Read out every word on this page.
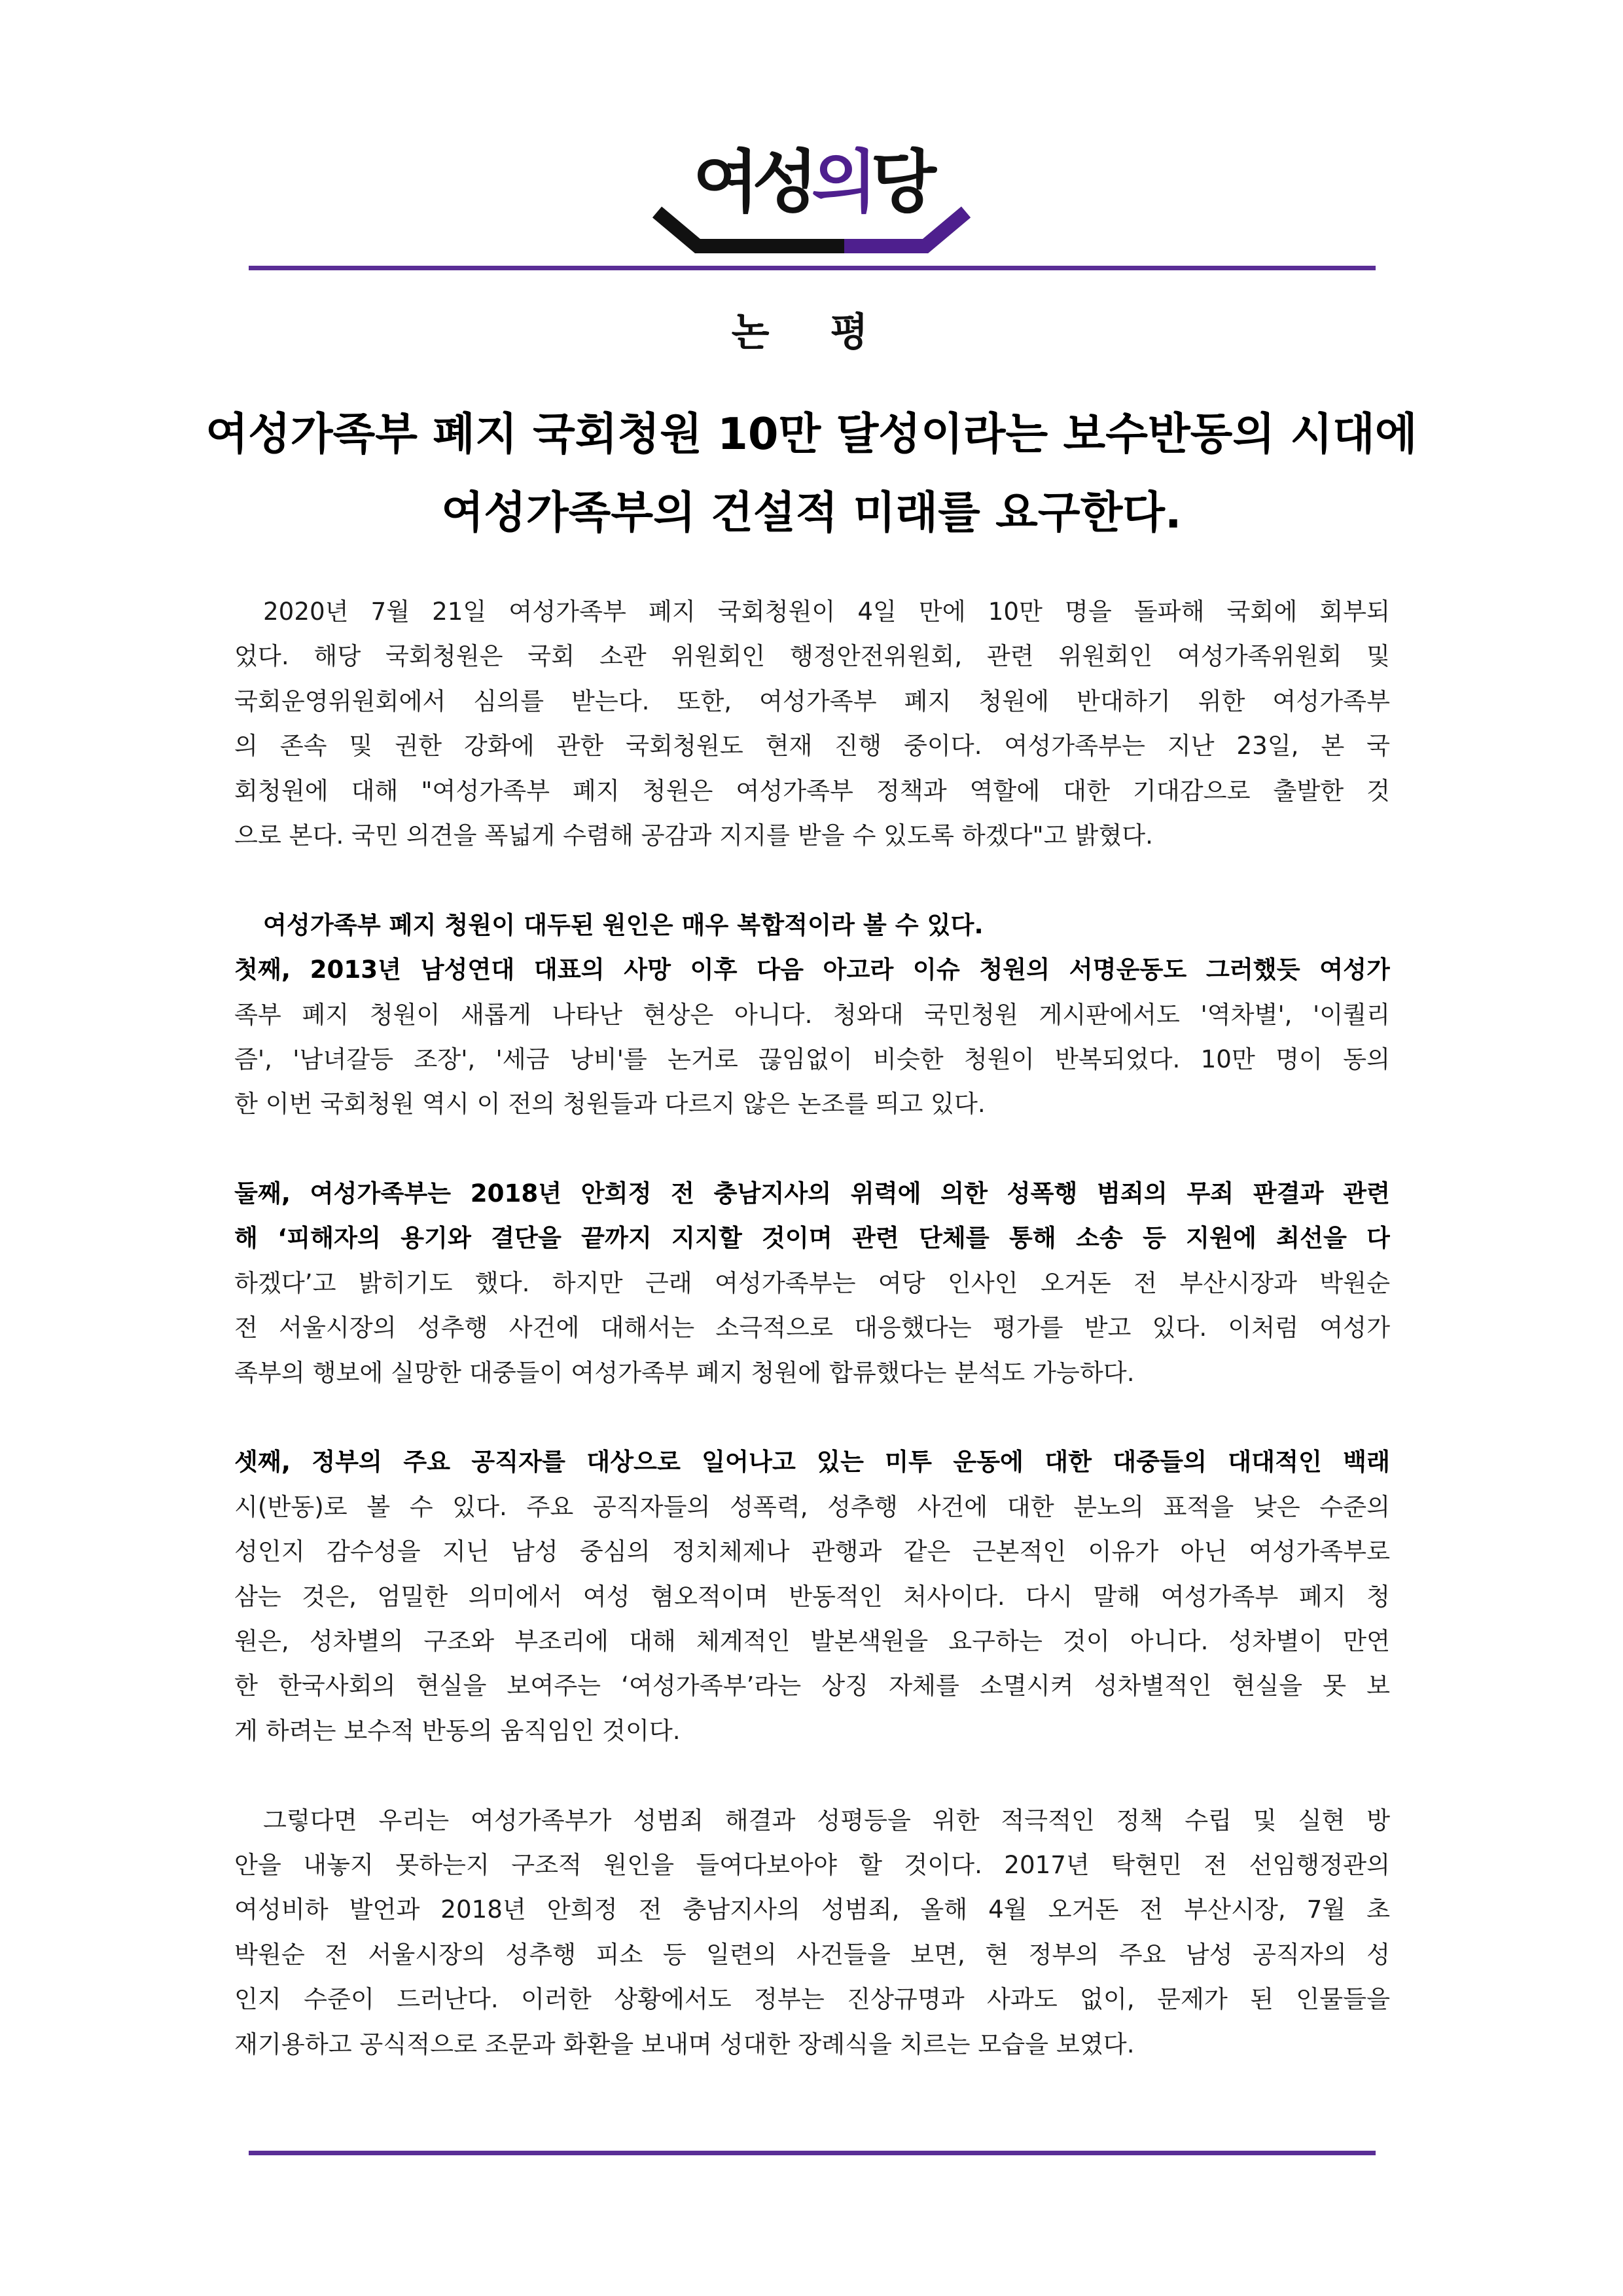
여성의당
논 평
여성가족부 폐지 국회청원 10만 달성이라는 보수반동의 시대에
여성가족부의 건설적 미래를 요구한다.
2020년 7월 21일 여성가족부 폐지 국회청원이 4일 만에 10만 명을 돌파해 국회에 회부되
었다. 해당 국회청원은 국회 소관 위원회인 행정안전위원회, 관련 위원회인 여성가족위원회 및
국회운영위원회에서 심의를 받는다. 또한, 여성가족부 폐지 청원에 반대하기 위한 여성가족부
의 존속 및 권한 강화에 관한 국회청원도 현재 진행 중이다. 여성가족부는 지난 23일, 본 국
회청원에 대해 "여성가족부 폐지 청원은 여성가족부 정책과 역할에 대한 기대감으로 출발한 것
으로 본다. 국민 의견을 폭넓게 수렴해 공감과 지지를 받을 수 있도록 하겠다"고 밝혔다.
여성가족부 폐지 청원이 대두된 원인은 매우 복합적이라 볼 수 있다.
첫째, 2013년 남성연대 대표의 사망 이후 다음 아고라 이슈 청원의 서명운동도 그러했듯 여성가
족부 폐지 청원이 새롭게 나타난 현상은 아니다. 청와대 국민청원 게시판에서도 '역차별', '이퀄리
즘', '남녀갈등 조장', '세금 낭비'를 논거로 끊임없이 비슷한 청원이 반복되었다. 10만 명이 동의
한 이번 국회청원 역시 이 전의 청원들과 다르지 않은 논조를 띄고 있다.
둘째, 여성가족부는 2018년 안희정 전 충남지사의 위력에 의한 성폭행 범죄의 무죄 판결과 관련
해 ‘피해자의 용기와 결단을 끝까지 지지할 것이며 관련 단체를 통해 소송 등 지원에 최선을 다
하겠다’고 밝히기도 했다. 하지만 근래 여성가족부는 여당 인사인 오거돈 전 부산시장과 박원순
전 서울시장의 성추행 사건에 대해서는 소극적으로 대응했다는 평가를 받고 있다. 이처럼 여성가
족부의 행보에 실망한 대중들이 여성가족부 폐지 청원에 합류했다는 분석도 가능하다.
셋째, 정부의 주요 공직자를 대상으로 일어나고 있는 미투 운동에 대한 대중들의 대대적인 백래
시(반동)로 볼 수 있다. 주요 공직자들의 성폭력, 성추행 사건에 대한 분노의 표적을 낮은 수준의
성인지 감수성을 지닌 남성 중심의 정치체제나 관행과 같은 근본적인 이유가 아닌 여성가족부로
삼는 것은, 엄밀한 의미에서 여성 혐오적이며 반동적인 처사이다. 다시 말해 여성가족부 폐지 청
원은, 성차별의 구조와 부조리에 대해 체계적인 발본색원을 요구하는 것이 아니다. 성차별이 만연
한 한국사회의 현실을 보여주는 ‘여성가족부’라는 상징 자체를 소멸시켜 성차별적인 현실을 못 보
게 하려는 보수적 반동의 움직임인 것이다.
그렇다면 우리는 여성가족부가 성범죄 해결과 성평등을 위한 적극적인 정책 수립 및 실현 방
안을 내놓지 못하는지 구조적 원인을 들여다보아야 할 것이다. 2017년 탁현민 전 선임행정관의
여성비하 발언과 2018년 안희정 전 충남지사의 성범죄, 올해 4월 오거돈 전 부산시장, 7월 초
박원순 전 서울시장의 성추행 피소 등 일련의 사건들을 보면, 현 정부의 주요 남성 공직자의 성
인지 수준이 드러난다. 이러한 상황에서도 정부는 진상규명과 사과도 없이, 문제가 된 인물들을
재기용하고 공식적으로 조문과 화환을 보내며 성대한 장례식을 치르는 모습을 보였다.
